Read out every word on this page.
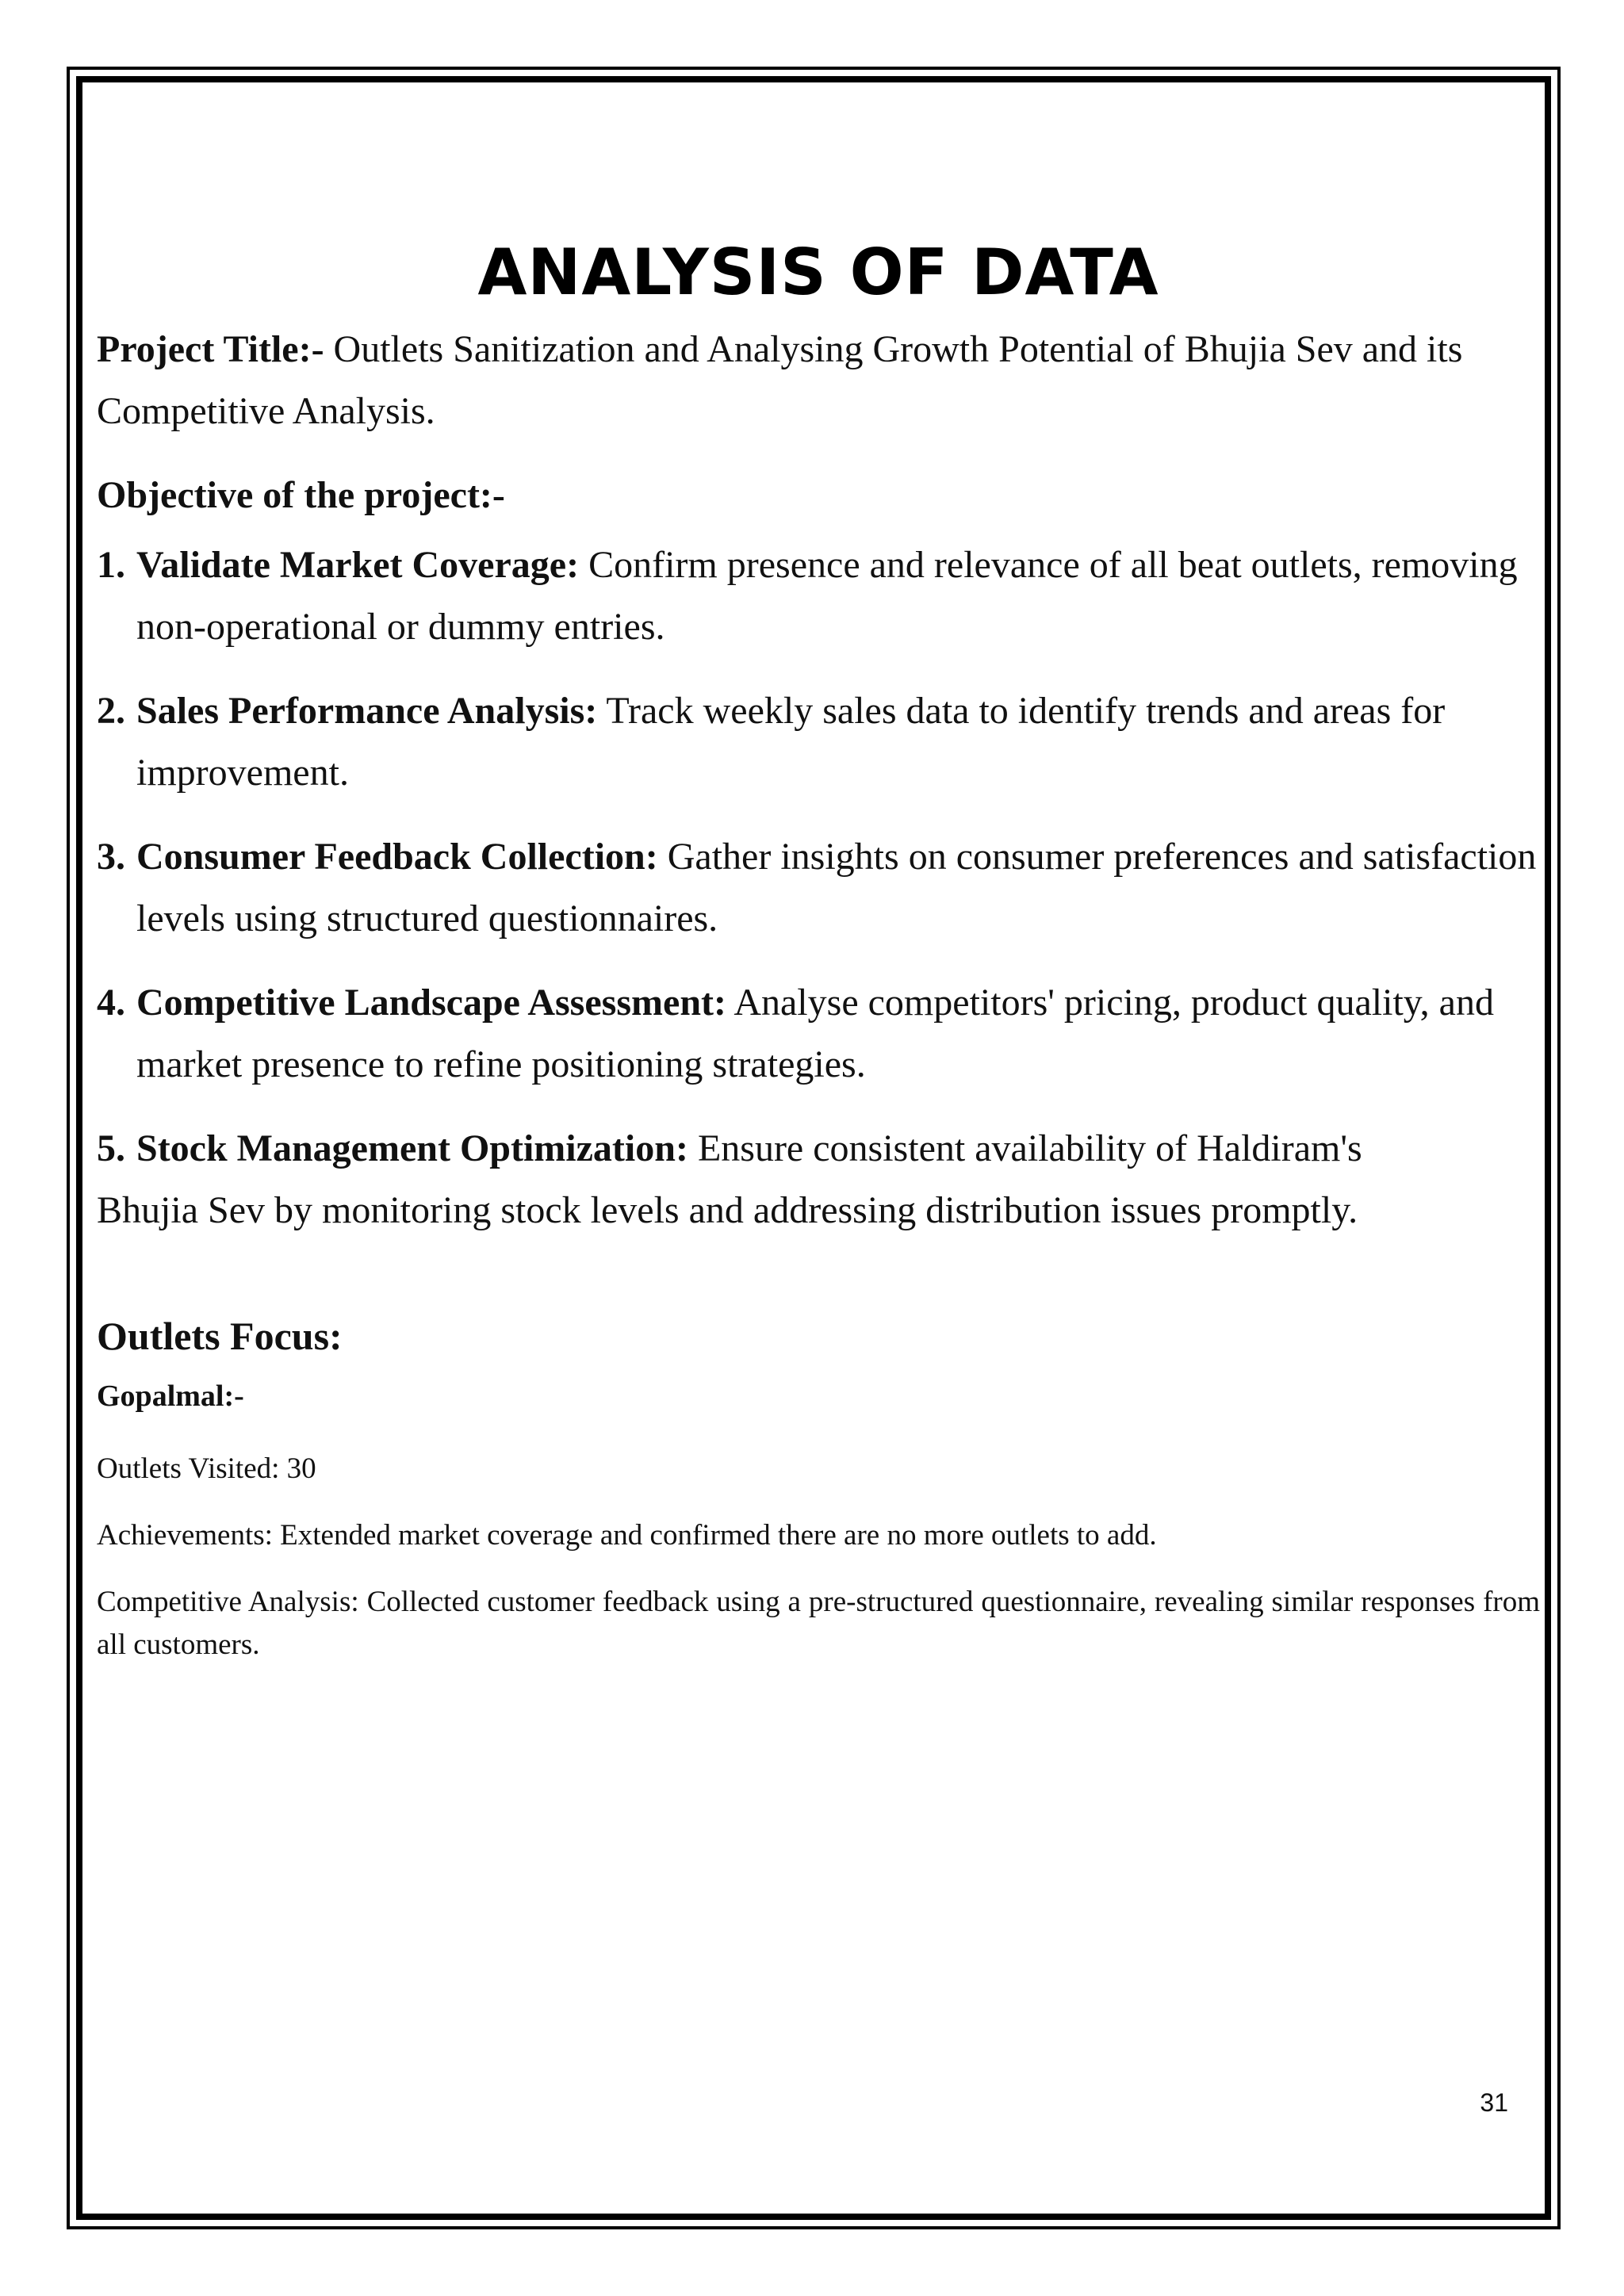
ANALYSIS OF DATA

Project Title:- Outlets Sanitization and Analysing Growth Potential of Bhujia Sev and its Competitive Analysis.

Objective of the project:-
1. Validate Market Coverage: Confirm presence and relevance of all beat outlets, removing non-operational or dummy entries.
2. Sales Performance Analysis: Track weekly sales data to identify trends and areas for improvement.
3. Consumer Feedback Collection: Gather insights on consumer preferences and satisfaction levels using structured questionnaires.
4. Competitive Landscape Assessment: Analyse competitors' pricing, product quality, and market presence to refine positioning strategies.
5. Stock Management Optimization: Ensure consistent availability of Haldiram's

Bhujia Sev by monitoring stock levels and addressing distribution issues promptly.

Outlets Focus:
Gopalmal:-

Outlets Visited: 30

Achievements: Extended market coverage and confirmed there are no more outlets to add.

Competitive Analysis: Collected customer feedback using a pre-structured questionnaire, revealing similar responses from all customers.

31
